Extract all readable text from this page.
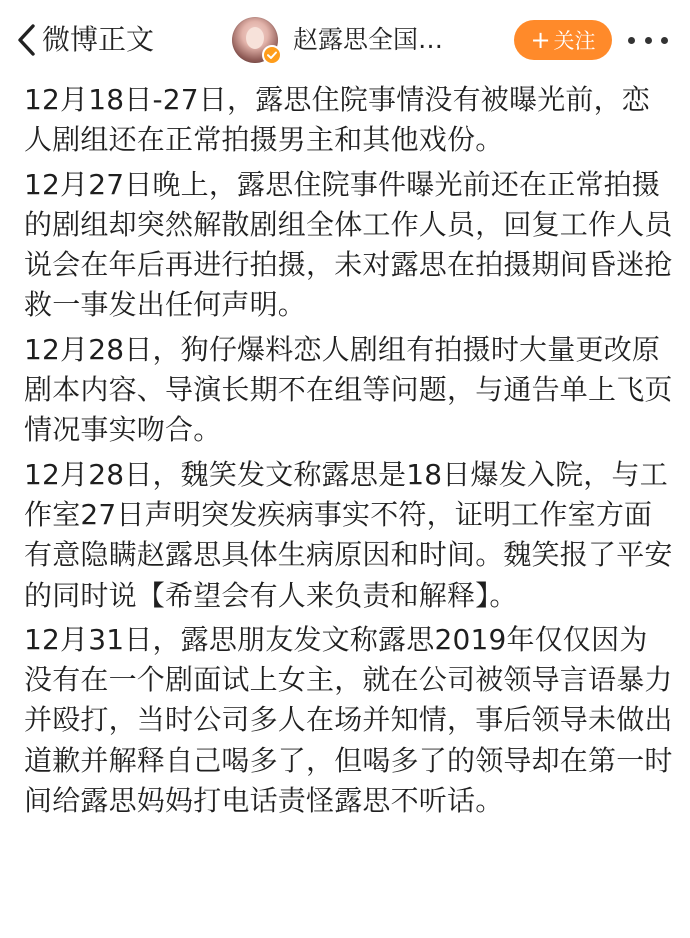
微博正文	赵露思全国…	+ 关注

12月18日-27日，露思住院事情没有被曝光前，恋人剧组还在正常拍摄男主和其他戏份。

12月27日晚上，露思住院事件曝光前还在正常拍摄的剧组却突然解散剧组全体工作人员，回复工作人员说会在年后再进行拍摄，未对露思在拍摄期间昏迷抢救一事发出任何声明。

12月28日，狗仔爆料恋人剧组有拍摄时大量更改原剧本内容、导演长期不在组等问题，与通告单上飞页情况事实吻合。

12月28日，魏笑发文称露思是18日爆发入院，与工作室27日声明突发疾病事实不符，证明工作室方面有意隐瞒赵露思具体生病原因和时间。魏笑报了平安的同时说【希望会有人来负责和解释】。

12月31日，露思朋友发文称露思2019年仅仅因为没有在一个剧面试上女主，就在公司被领导言语暴力并殴打，当时公司多人在场并知情，事后领导未做出道歉并解释自己喝多了，但喝多了的领导却在第一时间给露思妈妈打电话责怪露思不听话。
